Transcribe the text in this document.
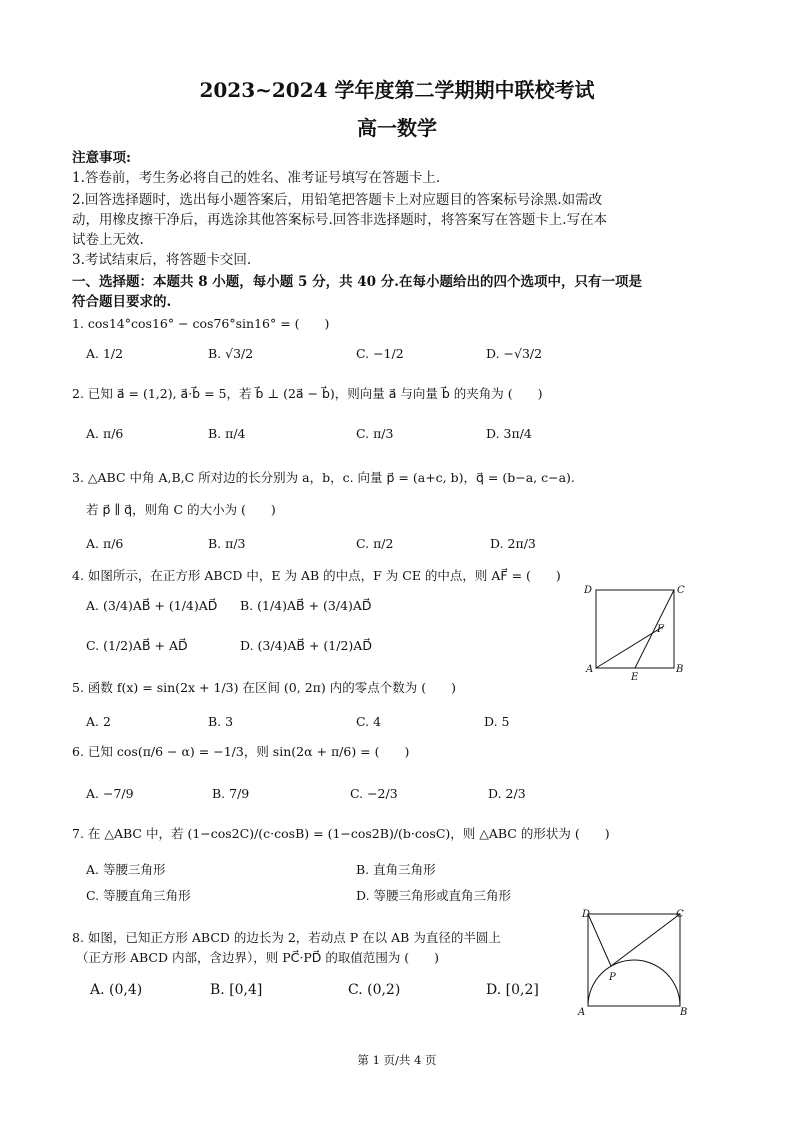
2023~2024 学年度第二学期期中联校考试
高一数学
注意事项:
1.答卷前，考生务必将自己的姓名、准考证号填写在答题卡上.
2.回答选择题时，选出每小题答案后，用铅笔把答题卡上对应题目的答案标号涂黑.如需改
动，用橡皮擦干净后，再选涂其他答案标号.回答非选择题时，将答案写在答题卡上.写在本
试卷上无效.
3.考试结束后，将答题卡交回.
一、选择题：本题共 8 小题，每小题 5 分，共 40 分.在每小题给出的四个选项中，只有一项是
符合题目要求的.
1. cos14°cos16° − cos76°sin16° = (　　)
A. 1/2	B. √3/2	C. −1/2	D. −√3/2
2. 已知 a⃗ = (1,2), a⃗·b⃗ = 5，若 b⃗ ⊥ (2a⃗ − b⃗)，则向量 a⃗ 与向量 b⃗ 的夹角为 (　　)
A. π/6	B. π/4	C. π/3	D. 3π/4
3. △ABC 中角 A,B,C 所对边的长分别为 a，b，c. 向量 p⃗ = (a+c, b)，q⃗ = (b−a, c−a).
若 p⃗ ∥ q⃗，则角 C 的大小为 (　　)
A. π/6	B. π/3	C. π/2	D. 2π/3
4. 如图所示，在正方形 ABCD 中，E 为 AB 的中点，F 为 CE 的中点，则 AF⃗ = (　　)
A. (3/4)AB⃗ + (1/4)AD⃗ B. (1/4)AB⃗ + (3/4)AD⃗
C. (1/2)AB⃗ + AD⃗	D. (3/4)AB⃗ + (1/2)AD⃗
D	C
F
A
E
B
5. 函数 f(x) = sin(2x + 1/3) 在区间 (0, 2π) 内的零点个数为 (　　)
A. 2	B. 3	C. 4	D. 5
6. 已知 cos(π/6 − α) = −1/3，则 sin(2α + π/6) = (　　)
A. −7/9	B. 7/9	C. −2/3	D. 2/3
7. 在 △ABC 中，若 (1−cos2C)/(c·cosB) = (1−cos2B)/(b·cosC)，则 △ABC 的形状为 (　　)
A. 等腰三角形	B. 直角三角形
C. 等腰直角三角形	D. 等腰三角形或直角三角形
8. 如图，已知正方形 ABCD 的边长为 2，若动点 P 在以 AB 为直径的半圆上
（正方形 ABCD 内部，含边界），则 PC⃗·PD⃗ 的取值范围为 (　　)
A. (0,4)	B. [0,4]	C. (0,2)	D. [0,2]
D	C
P
A	B
第 1 页/共 4 页
